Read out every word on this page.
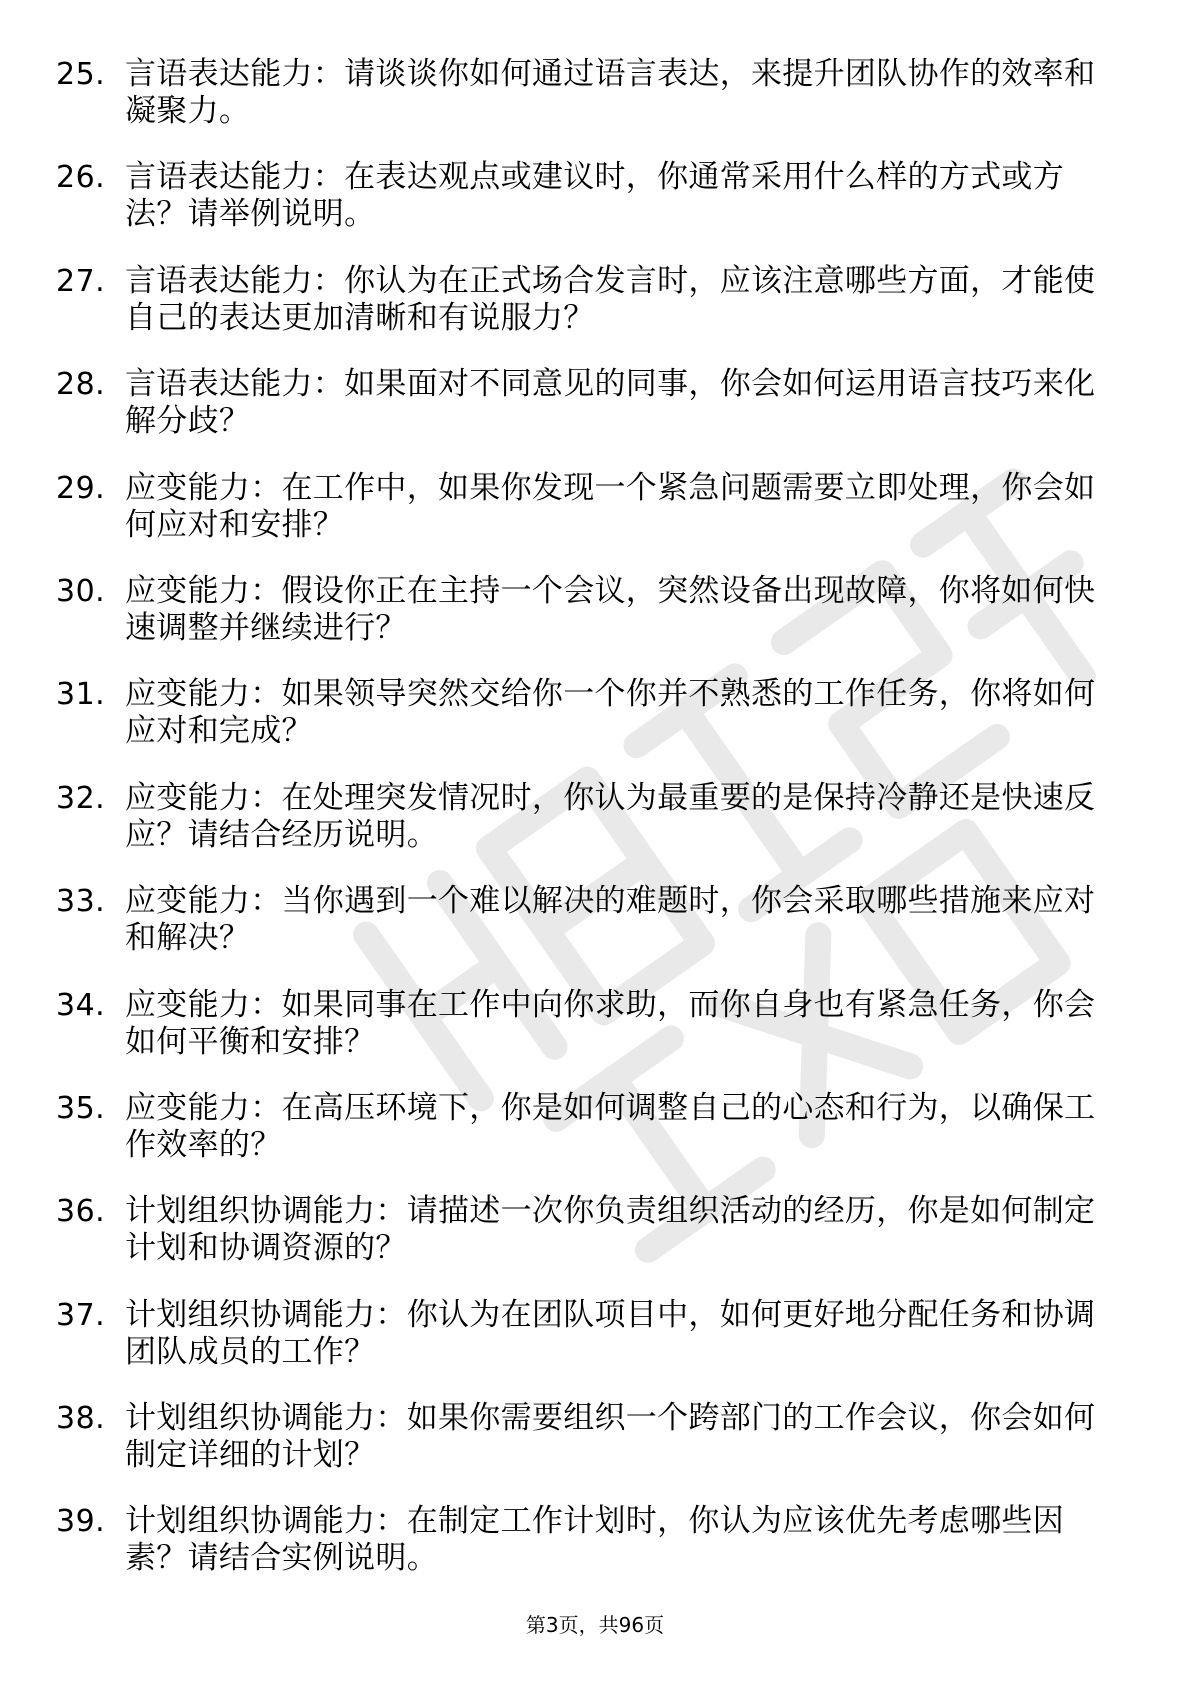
25. 言语表达能力：请谈谈你如何通过语言表达，来提升团队协作的效率和凝聚力。

26. 言语表达能力：在表达观点或建议时，你通常采用什么样的方式或方法？请举例说明。

27. 言语表达能力：你认为在正式场合发言时，应该注意哪些方面，才能使自己的表达更加清晰和有说服力？

28. 言语表达能力：如果面对不同意见的同事，你会如何运用语言技巧来化解分歧？

29. 应变能力：在工作中，如果你发现一个紧急问题需要立即处理，你会如何应对和安排？

30. 应变能力：假设你正在主持一个会议，突然设备出现故障，你将如何快速调整并继续进行？

31. 应变能力：如果领导突然交给你一个你并不熟悉的工作任务，你将如何应对和完成？

32. 应变能力：在处理突发情况时，你认为最重要的是保持冷静还是快速反应？请结合经历说明。

33. 应变能力：当你遇到一个难以解决的难题时，你会采取哪些措施来应对和解决？

34. 应变能力：如果同事在工作中向你求助，而你自身也有紧急任务，你会如何平衡和安排？

35. 应变能力：在高压环境下，你是如何调整自己的心态和行为，以确保工作效率的？

36. 计划组织协调能力：请描述一次你负责组织活动的经历，你是如何制定计划和协调资源的？

37. 计划组织协调能力：你认为在团队项目中，如何更好地分配任务和协调团队成员的工作？

38. 计划组织协调能力：如果你需要组织一个跨部门的工作会议，你会如何制定详细的计划？

39. 计划组织协调能力：在制定工作计划时，你认为应该优先考虑哪些因素？请结合实例说明。

第3页，共96页
